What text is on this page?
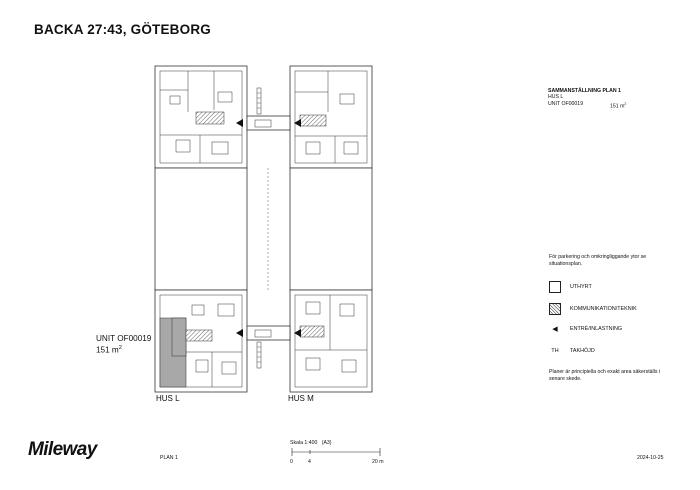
BACKA 27:43, GÖTEBORG
SAMMANSTÄLLNING PLAN 1
HUS L
UNIT OF00019	151 $m^2$
För parkering och omkringliggande ytor se situationsplan.
UTHYRT
KOMMUNIKATION/TEKNIK
◀	ENTRÉ/INLASTNING
TH	TAKHÖJD
Planer är principiella och exakt area säkerställs i senare skede.
UNIT OF00019
151 $m^2$
HUS L	HUS M
Mileway	PLAN 1
Skala 1:400 (A3)
0	4	20 m
2024-10-25
